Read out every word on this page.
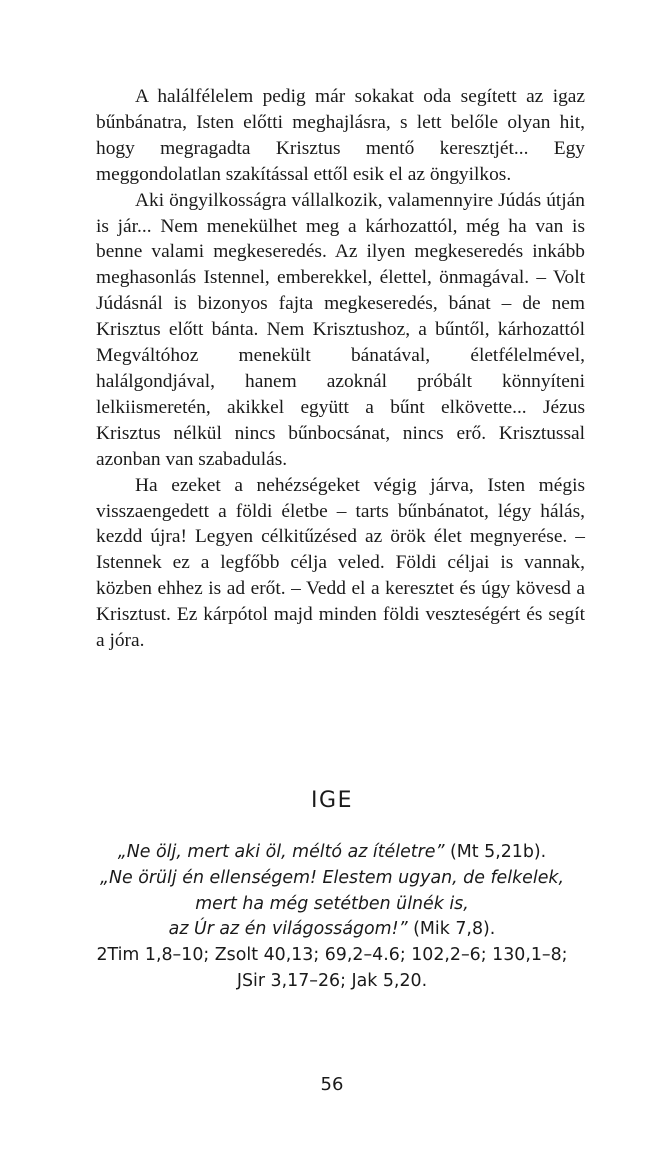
A halálfélelem pedig már sokakat oda segített az igaz bűnbánatra, Isten előtti meghajlásra, s lett belőle olyan hit, hogy megragadta Krisztus mentő keresztjét... Egy meggondolatlan szakítással ettől esik el az öngyilkos.

Aki öngyilkosságra vállalkozik, valamennyire Júdás útján is jár... Nem menekülhet meg a kárhozattól, még ha van is benne valami megkeseredés. Az ilyen megkeseredés inkább meghasonlás Istennel, emberekkel, élettel, önmagával. – Volt Júdásnál is bizonyos fajta megkeseredés, bánat – de nem Krisztus előtt bánta. Nem Krisztushoz, a bűntől, kárhozattól Megváltóhoz menekült bánatával, életfélelmével, halálgondjával, hanem azoknál próbált könnyíteni lelkiismeretén, akikkel együtt a bűnt elkövette... Jézus Krisztus nélkül nincs bűnbocsánat, nincs erő. Krisztussal azonban van szabadulás.

Ha ezeket a nehézségeket végig járva, Isten mégis visszaengedett a földi életbe – tarts bűnbánatot, légy hálás, kezdd újra! Legyen célkitűzésed az örök élet megnyerése. – Istennek ez a legfőbb célja veled. Földi céljai is vannak, közben ehhez is ad erőt. – Vedd el a keresztet és úgy kövesd a Krisztust. Ez kárpótol majd minden földi veszteségért és segít a jóra.

IGE
„Ne ölj, mert aki öl, méltó az ítéletre” (Mt 5,21b).
„Ne örülj én ellenségem! Elestem ugyan, de felkelek,
mert ha még setétben ülnék is,
az Úr az én világosságom!” (Mik 7,8).
2Tim 1,8–10; Zsolt 40,13; 69,2–4.6; 102,2–6; 130,1–8;
JSir 3,17–26; Jak 5,20.
56
